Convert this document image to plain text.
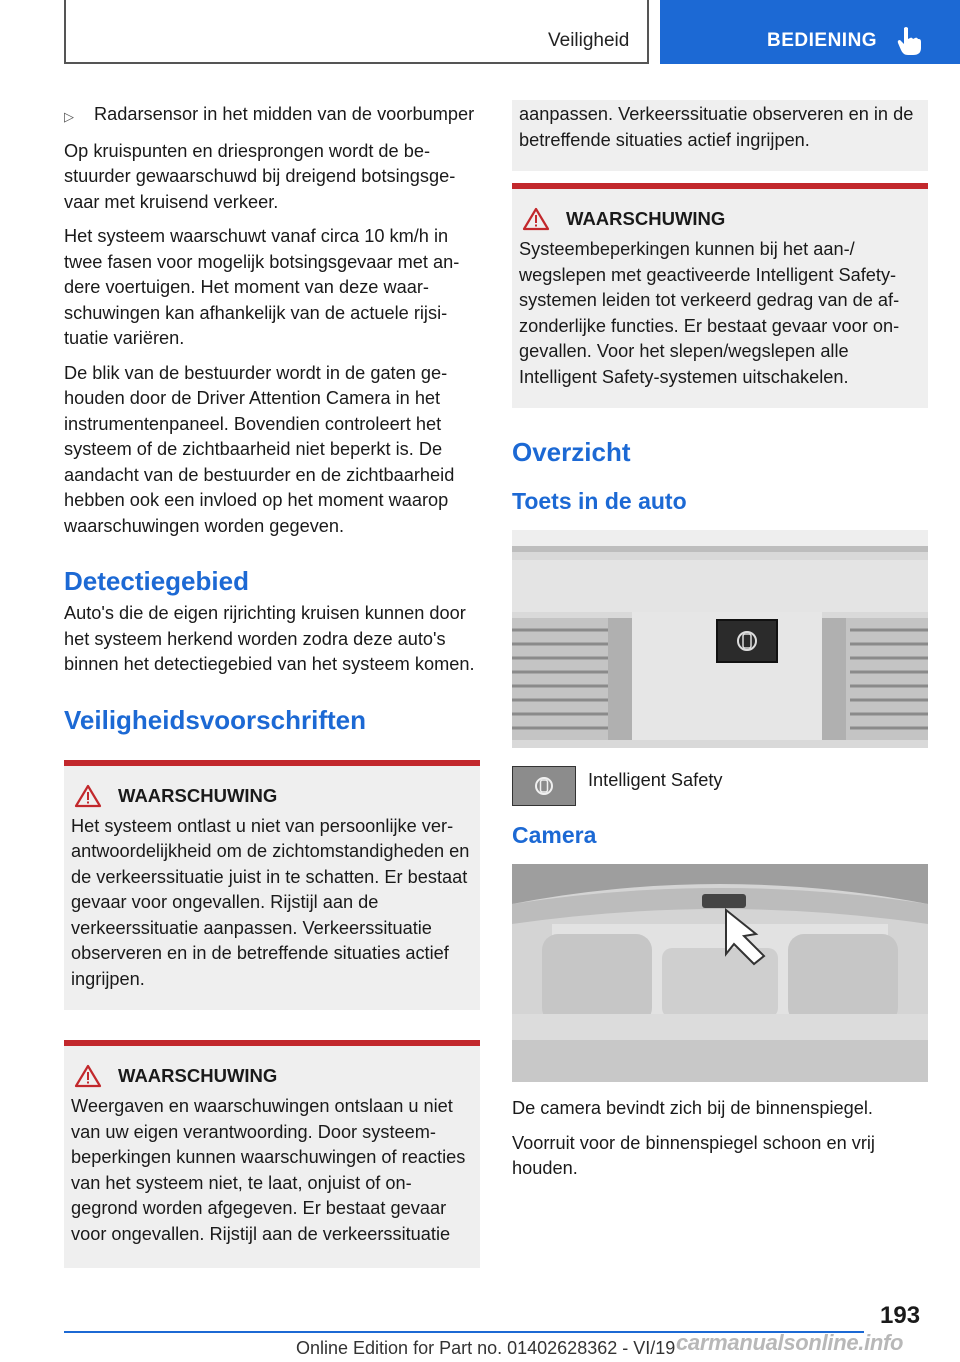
Veiligheid	BEDIENING
▷	Radarsensor in het midden van de voorbumper

Op kruispunten en driesprongen wordt de bestuurder gewaarschuwd bij dreigend botsingsgevaar met kruisend verkeer.

Het systeem waarschuwt vanaf circa 10 km/h in twee fasen voor mogelijk botsingsgevaar met andere voertuigen. Het moment van deze waarschuwingen kan afhankelijk van de actuele rijsituatie variëren.

De blik van de bestuurder wordt in de gaten gehouden door de Driver Attention Camera in het instrumentenpaneel. Bovendien controleert het systeem of de zichtbaarheid niet beperkt is. De aandacht van de bestuurder en de zichtbaarheid hebben ook een invloed op het moment waarop waarschuwingen worden gegeven.

Detectiegebied

Auto's die de eigen rijrichting kruisen kunnen door het systeem herkend worden zodra deze auto's binnen het detectiegebied van het systeem komen.

Veiligheidsvoorschriften
WAARSCHUWING
Het systeem ontlast u niet van persoonlijke verantwoordelijkheid om de zichtomstandigheden en de verkeerssituatie juist in te schatten. Er bestaat gevaar voor ongevallen. Rijstijl aan de verkeerssituatie aanpassen. Verkeerssituatie observeren en in de betreffende situaties actief ingrijpen.
WAARSCHUWING
Weergaven en waarschuwingen ontslaan u niet van uw eigen verantwoording. Door systeembeperkingen kunnen waarschuwingen of reacties van het systeem niet, te laat, onjuist of ongegrond worden afgegeven. Er bestaat gevaar voor ongevallen. Rijstijl aan de verkeerssituatie
aanpassen. Verkeerssituatie observeren en in de betreffende situaties actief ingrijpen.
WAARSCHUWING
Systeembeperkingen kunnen bij het aan-/ wegslepen met geactiveerde Intelligent Safety-systemen leiden tot verkeerd gedrag van de afzonderlijke functies. Er bestaat gevaar voor ongevallen. Voor het slepen/wegslepen alle Intelligent Safety-systemen uitschakelen.
Overzicht
Toets in de auto
Intelligent Safety
Camera

De camera bevindt zich bij de binnenspiegel.

Voorruit voor de binnenspiegel schoon en vrij houden.

193
Online Edition for Part no. 01402628362 - VI/19 carmanualsonline.info
